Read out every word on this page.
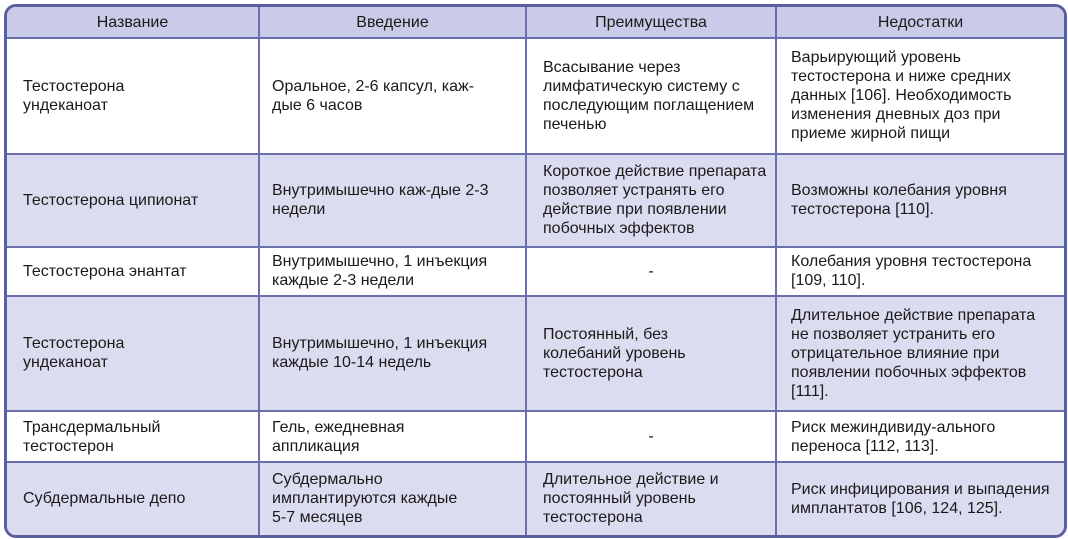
Название	Введение	Преимущества	Недостатки

Тестостерона ундеканоат	Оральное, 2-6 капсул, каж-дые 6 часов	Всасывание через лимфатическую систему с последующим поглащением печенью	Варьирующий уровень тестостерона и ниже средних данных [106]. Необходимость изменения дневных доз при приеме жирной пищи

Тестостерона ципионат	Внутримышечно каж-дые 2-3 недели	Короткое действие препарата позволяет устранять его действие при появлении побочных эффектов	Возможны колебания уровня тестостерона [110].

Тестостерона энантат	Внутримышечно, 1 инъекция каждые 2-3 недели	-	Колебания уровня тестостерона [109, 110].

Тестостерона ундеканоат	Внутримышечно, 1 инъекция каждые 10-14 недель	Постоянный, без колебаний уровень тестостерона	Длительное действие препарата не позволяет устранить его отрицательное влияние при появлении побочных эффектов [111].

Трансдермальный тестостерон	Гель, ежедневная аппликация	-	Риск межиндивиду-ального переноса [112, 113].

Субдермальные депо	Субдермально имплантируются каждые 5-7 месяцев	Длительное действие и постоянный уровень тестостерона	Риск инфицирования и выпадения имплантатов [106, 124, 125].
